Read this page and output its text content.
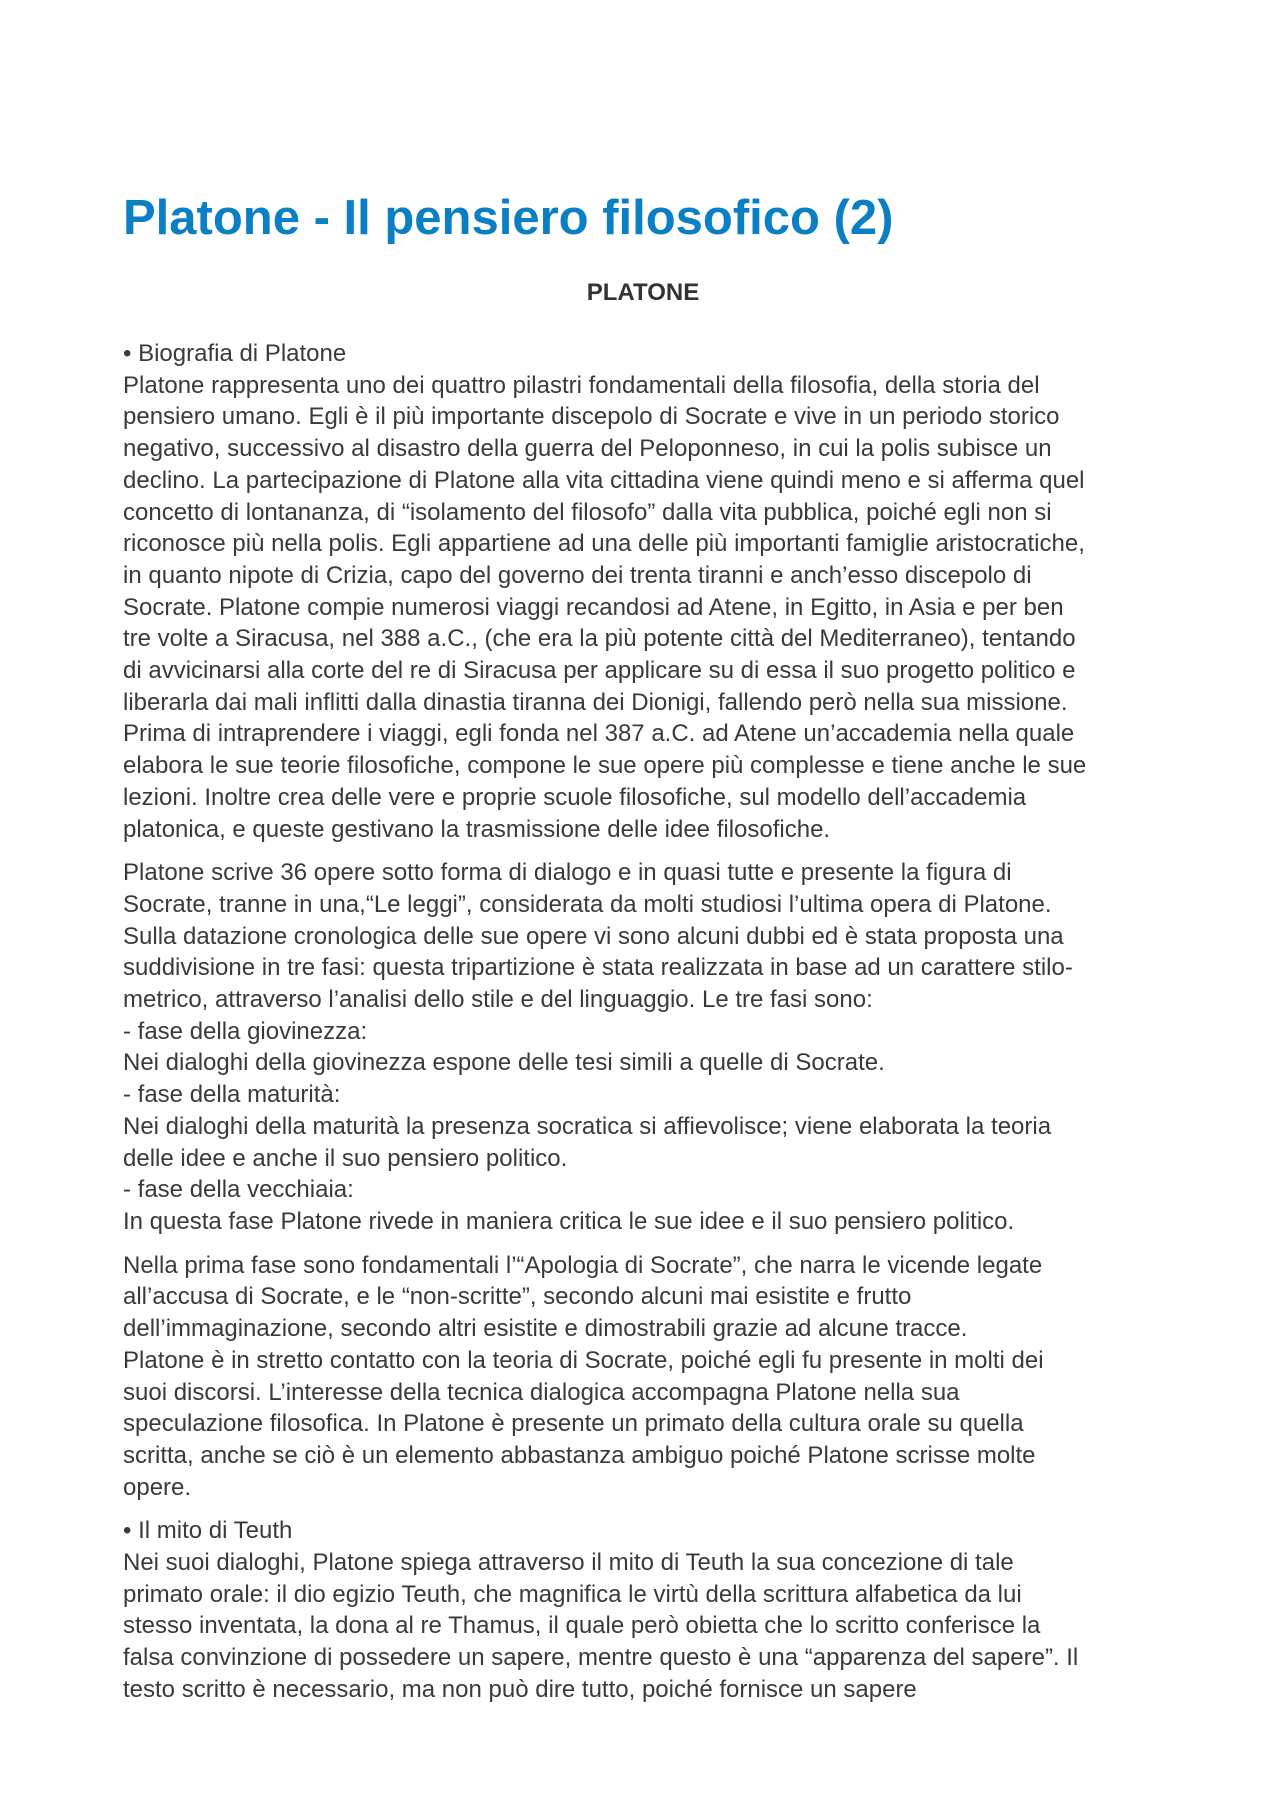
Platone - Il pensiero filosofico (2)
PLATONE
• Biografia di Platone
Platone rappresenta uno dei quattro pilastri fondamentali della filosofia, della storia del
pensiero umano. Egli è il più importante discepolo di Socrate e vive in un periodo storico
negativo, successivo al disastro della guerra del Peloponneso, in cui la polis subisce un
declino. La partecipazione di Platone alla vita cittadina viene quindi meno e si afferma quel
concetto di lontananza, di “isolamento del filosofo” dalla vita pubblica, poiché egli non si
riconosce più nella polis. Egli appartiene ad una delle più importanti famiglie aristocratiche,
in quanto nipote di Crizia, capo del governo dei trenta tiranni e anch’esso discepolo di
Socrate. Platone compie numerosi viaggi recandosi ad Atene, in Egitto, in Asia e per ben
tre volte a Siracusa, nel 388 a.C., (che era la più potente città del Mediterraneo), tentando
di avvicinarsi alla corte del re di Siracusa per applicare su di essa il suo progetto politico e
liberarla dai mali inflitti dalla dinastia tiranna dei Dionigi, fallendo però nella sua missione.
Prima di intraprendere i viaggi, egli fonda nel 387 a.C. ad Atene un’accademia nella quale
elabora le sue teorie filosofiche, compone le sue opere più complesse e tiene anche le sue
lezioni. Inoltre crea delle vere e proprie scuole filosofiche, sul modello dell’accademia
platonica, e queste gestivano la trasmissione delle idee filosofiche.
Platone scrive 36 opere sotto forma di dialogo e in quasi tutte e presente la figura di
Socrate, tranne in una,“Le leggi”, considerata da molti studiosi l’ultima opera di Platone.
Sulla datazione cronologica delle sue opere vi sono alcuni dubbi ed è stata proposta una
suddivisione in tre fasi: questa tripartizione è stata realizzata in base ad un carattere stilo-
metrico, attraverso l’analisi dello stile e del linguaggio. Le tre fasi sono:
- fase della giovinezza:
Nei dialoghi della giovinezza espone delle tesi simili a quelle di Socrate.
- fase della maturità:
Nei dialoghi della maturità la presenza socratica si affievolisce; viene elaborata la teoria
delle idee e anche il suo pensiero politico.
- fase della vecchiaia:
In questa fase Platone rivede in maniera critica le sue idee e il suo pensiero politico.
Nella prima fase sono fondamentali l’“Apologia di Socrate”, che narra le vicende legate
all’accusa di Socrate, e le “non-scritte”, secondo alcuni mai esistite e frutto
dell’immaginazione, secondo altri esistite e dimostrabili grazie ad alcune tracce.
Platone è in stretto contatto con la teoria di Socrate, poiché egli fu presente in molti dei
suoi discorsi. L’interesse della tecnica dialogica accompagna Platone nella sua
speculazione filosofica. In Platone è presente un primato della cultura orale su quella
scritta, anche se ciò è un elemento abbastanza ambiguo poiché Platone scrisse molte
opere.
• Il mito di Teuth
Nei suoi dialoghi, Platone spiega attraverso il mito di Teuth la sua concezione di tale
primato orale: il dio egizio Teuth, che magnifica le virtù della scrittura alfabetica da lui
stesso inventata, la dona al re Thamus, il quale però obietta che lo scritto conferisce la
falsa convinzione di possedere un sapere, mentre questo è una “apparenza del sapere”. Il
testo scritto è necessario, ma non può dire tutto, poiché fornisce un sapere
